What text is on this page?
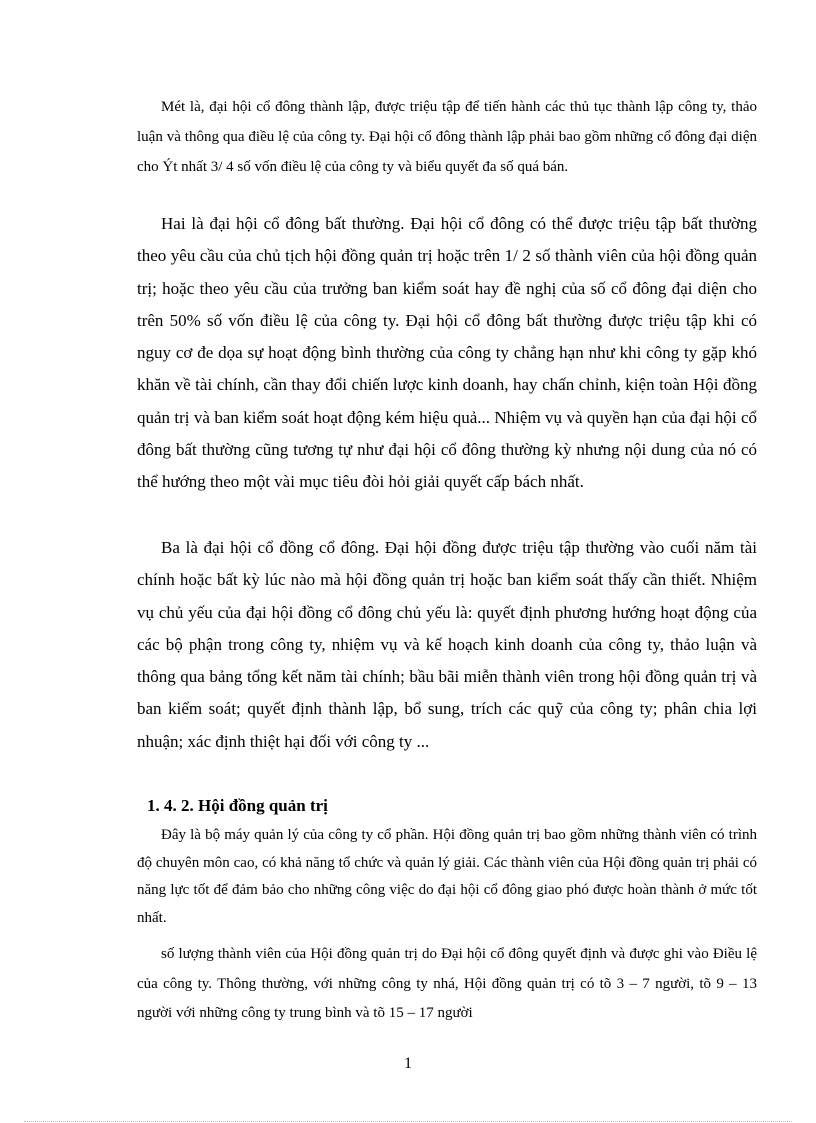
Mét là, đại hội cổ đông thành lập, được triệu tập để tiến hành các thủ tục thành lập công ty, thảo luận và thông qua điều lệ của công ty. Đại hội cổ đông thành lập phải bao gồm những cổ đông đại diện cho Ýt nhất 3/ 4 số vốn điều lệ của công ty và biểu quyết đa số quá bán.

Hai là đại hội cổ đông bất thường. Đại hội cổ đông có thể được triệu tập bất thường theo yêu cầu của chủ tịch hội đồng quản trị hoặc trên 1/ 2 số thành viên của hội đồng quản trị; hoặc theo yêu cầu của trưởng ban kiểm soát hay đề nghị của số cổ đông đại diện cho trên 50% số vốn điều lệ của công ty. Đại hội cổ đông bất thường được triệu tập khi có nguy cơ đe dọa sự hoạt động bình thường của công ty chẳng hạn như khi công ty gặp khó khăn về tài chính, cần thay đổi chiến lược kinh doanh, hay chấn chỉnh, kiện toàn Hội đồng quản trị và ban kiểm soát hoạt động kém hiệu quả... Nhiệm vụ và quyền hạn của đại hội cổ đông bất thường cũng tương tự như đại hội cổ đông thường kỳ nhưng nội dung của nó có thể hướng theo một vài mục tiêu đòi hỏi giải quyết cấp bách nhất.

Ba là đại hội cổ đồng cổ đông. Đại hội đồng được triệu tập thường vào cuối năm tài chính hoặc bất kỳ lúc nào mà hội đồng quản trị hoặc ban kiểm soát thấy cần thiết. Nhiệm vụ chủ yếu của đại hội đồng cổ đông chủ yếu là: quyết định phương hướng hoạt động của các bộ phận trong công ty, nhiệm vụ và kế hoạch kinh doanh của công ty, thảo luận và thông qua bảng tổng kết năm tài chính; bầu bãi miễn thành viên trong hội đồng quản trị và ban kiểm soát; quyết định thành lập, bổ sung, trích các quỹ của công ty; phân chia lợi nhuận; xác định thiệt hại đối với công ty ...

1. 4. 2. Hội đồng quản trị

Đây là bộ máy quản lý của công ty cổ phần. Hội đồng quản trị bao gồm những thành viên có trình độ chuyên môn cao, có khả năng tổ chức và quản lý giải. Các thành viên của Hội đồng quản trị phải có năng lực tốt để đảm bảo cho những công việc do đại hội cổ đông giao phó được hoàn thành ở mức tốt nhất.

số lượng thành viên của Hội đồng quản trị do Đại hội cổ đông quyết định và được ghi vào Điều lệ của công ty. Thông thường, với những công ty nhá, Hội đồng quản trị có tõ 3 – 7 người, tõ 9 – 13 người với những công ty trung bình và tõ 15 – 17 người

1
